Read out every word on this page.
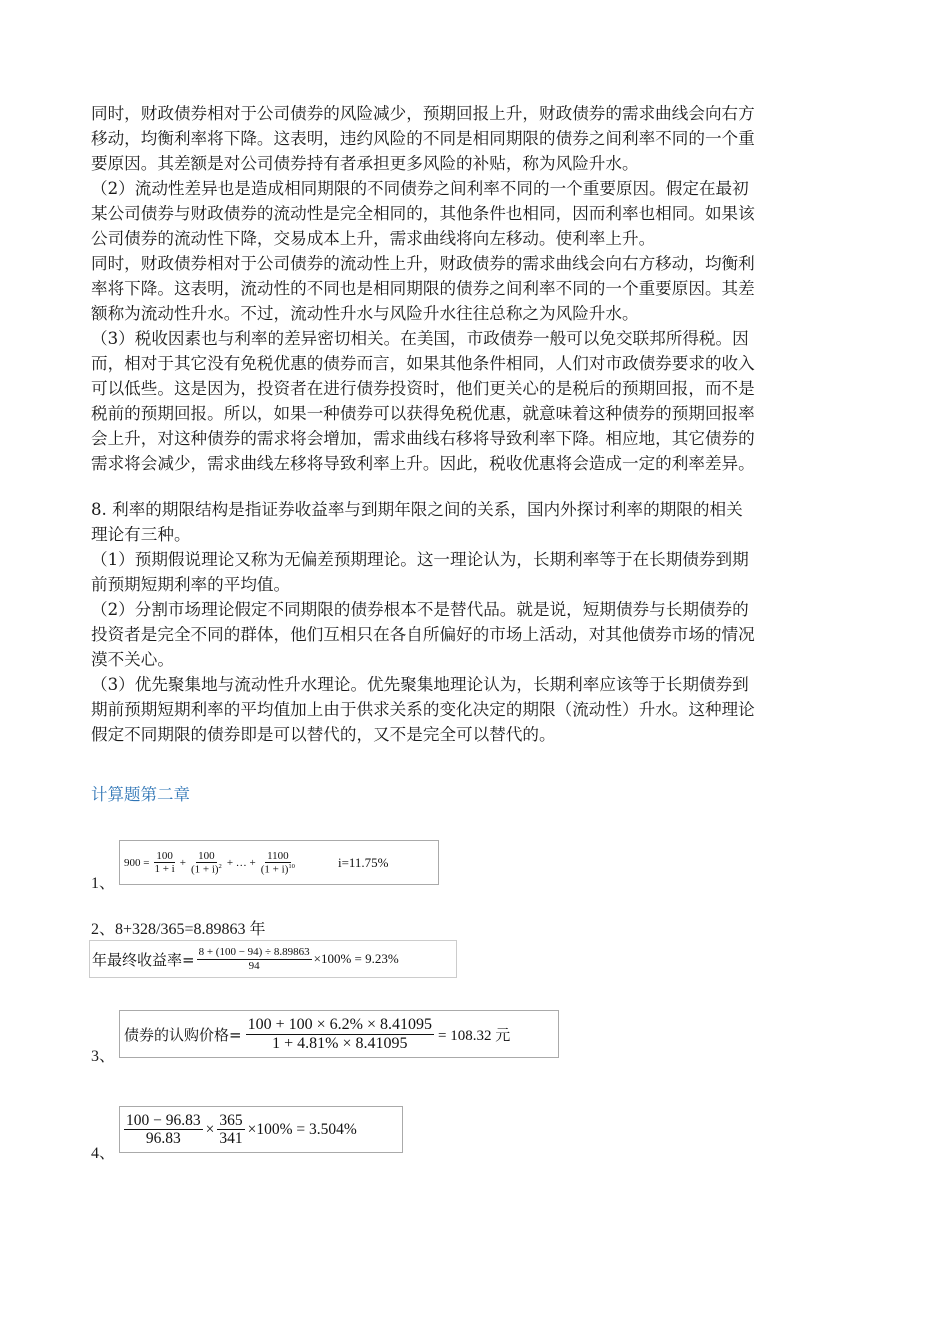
同时，财政债券相对于公司债券的风险减少，预期回报上升，财政债券的需求曲线会向右方
移动，均衡利率将下降。这表明，违约风险的不同是相同期限的债券之间利率不同的一个重
要原因。其差额是对公司债券持有者承担更多风险的补贴，称为风险升水。
（2）流动性差异也是造成相同期限的不同债券之间利率不同的一个重要原因。假定在最初
某公司债券与财政债券的流动性是完全相同的，其他条件也相同，因而利率也相同。如果该
公司债券的流动性下降，交易成本上升，需求曲线将向左移动。使利率上升。
同时，财政债券相对于公司债券的流动性上升，财政债券的需求曲线会向右方移动，均衡利
率将下降。这表明，流动性的不同也是相同期限的债券之间利率不同的一个重要原因。其差
额称为流动性升水。不过，流动性升水与风险升水往往总称之为风险升水。
（3）税收因素也与利率的差异密切相关。在美国，市政债券一般可以免交联邦所得税。因
而，相对于其它没有免税优惠的债券而言，如果其他条件相同，人们对市政债券要求的收入
可以低些。这是因为，投资者在进行债券投资时，他们更关心的是税后的预期回报，而不是
税前的预期回报。所以，如果一种债券可以获得免税优惠，就意味着这种债券的预期回报率
会上升，对这种债券的需求将会增加，需求曲线右移将导致利率下降。相应地，其它债券的
需求将会减少，需求曲线左移将导致利率上升。因此，税收优惠将会造成一定的利率差异。
8. 利率的期限结构是指证券收益率与到期年限之间的关系，国内外探讨利率的期限的相关
理论有三种。
（1）预期假说理论又称为无偏差预期理论。这一理论认为，长期利率等于在长期债券到期
前预期短期利率的平均值。
（2）分割市场理论假定不同期限的债券根本不是替代品。就是说，短期债券与长期债券的
投资者是完全不同的群体，他们互相只在各自所偏好的市场上活动，对其他债券市场的情况
漠不关心。
（3）优先聚集地与流动性升水理论。优先聚集地理论认为，长期利率应该等于长期债券到
期前预期短期利率的平均值加上由于供求关系的变化决定的期限（流动性）升水。这种理论
假定不同期限的债券即是可以替代的，又不是完全可以替代的。
计算题第二章
1、
$900 = \frac{100}{1 + i} + \frac{100}{(1 + i)^2}$ + … + $\frac{1100}{(1 + i)^{10}}$	i=11.75%
2、8+328/365=8.89863 年
年最终收益率= $\frac{8 + (100 - 94) \div 8.89863}{94} \times 100\% = 9.23\%$
3、
债券的认购价格= $\frac{100 + 100 \times 6.2\% \times 8.41095}{1 + 4.81\% \times 8.41095} = 108.32$ 元
4、
$\frac{100 - 96.83}{96.83} \times \frac{365}{341} \times 100\% = 3.504\%$
